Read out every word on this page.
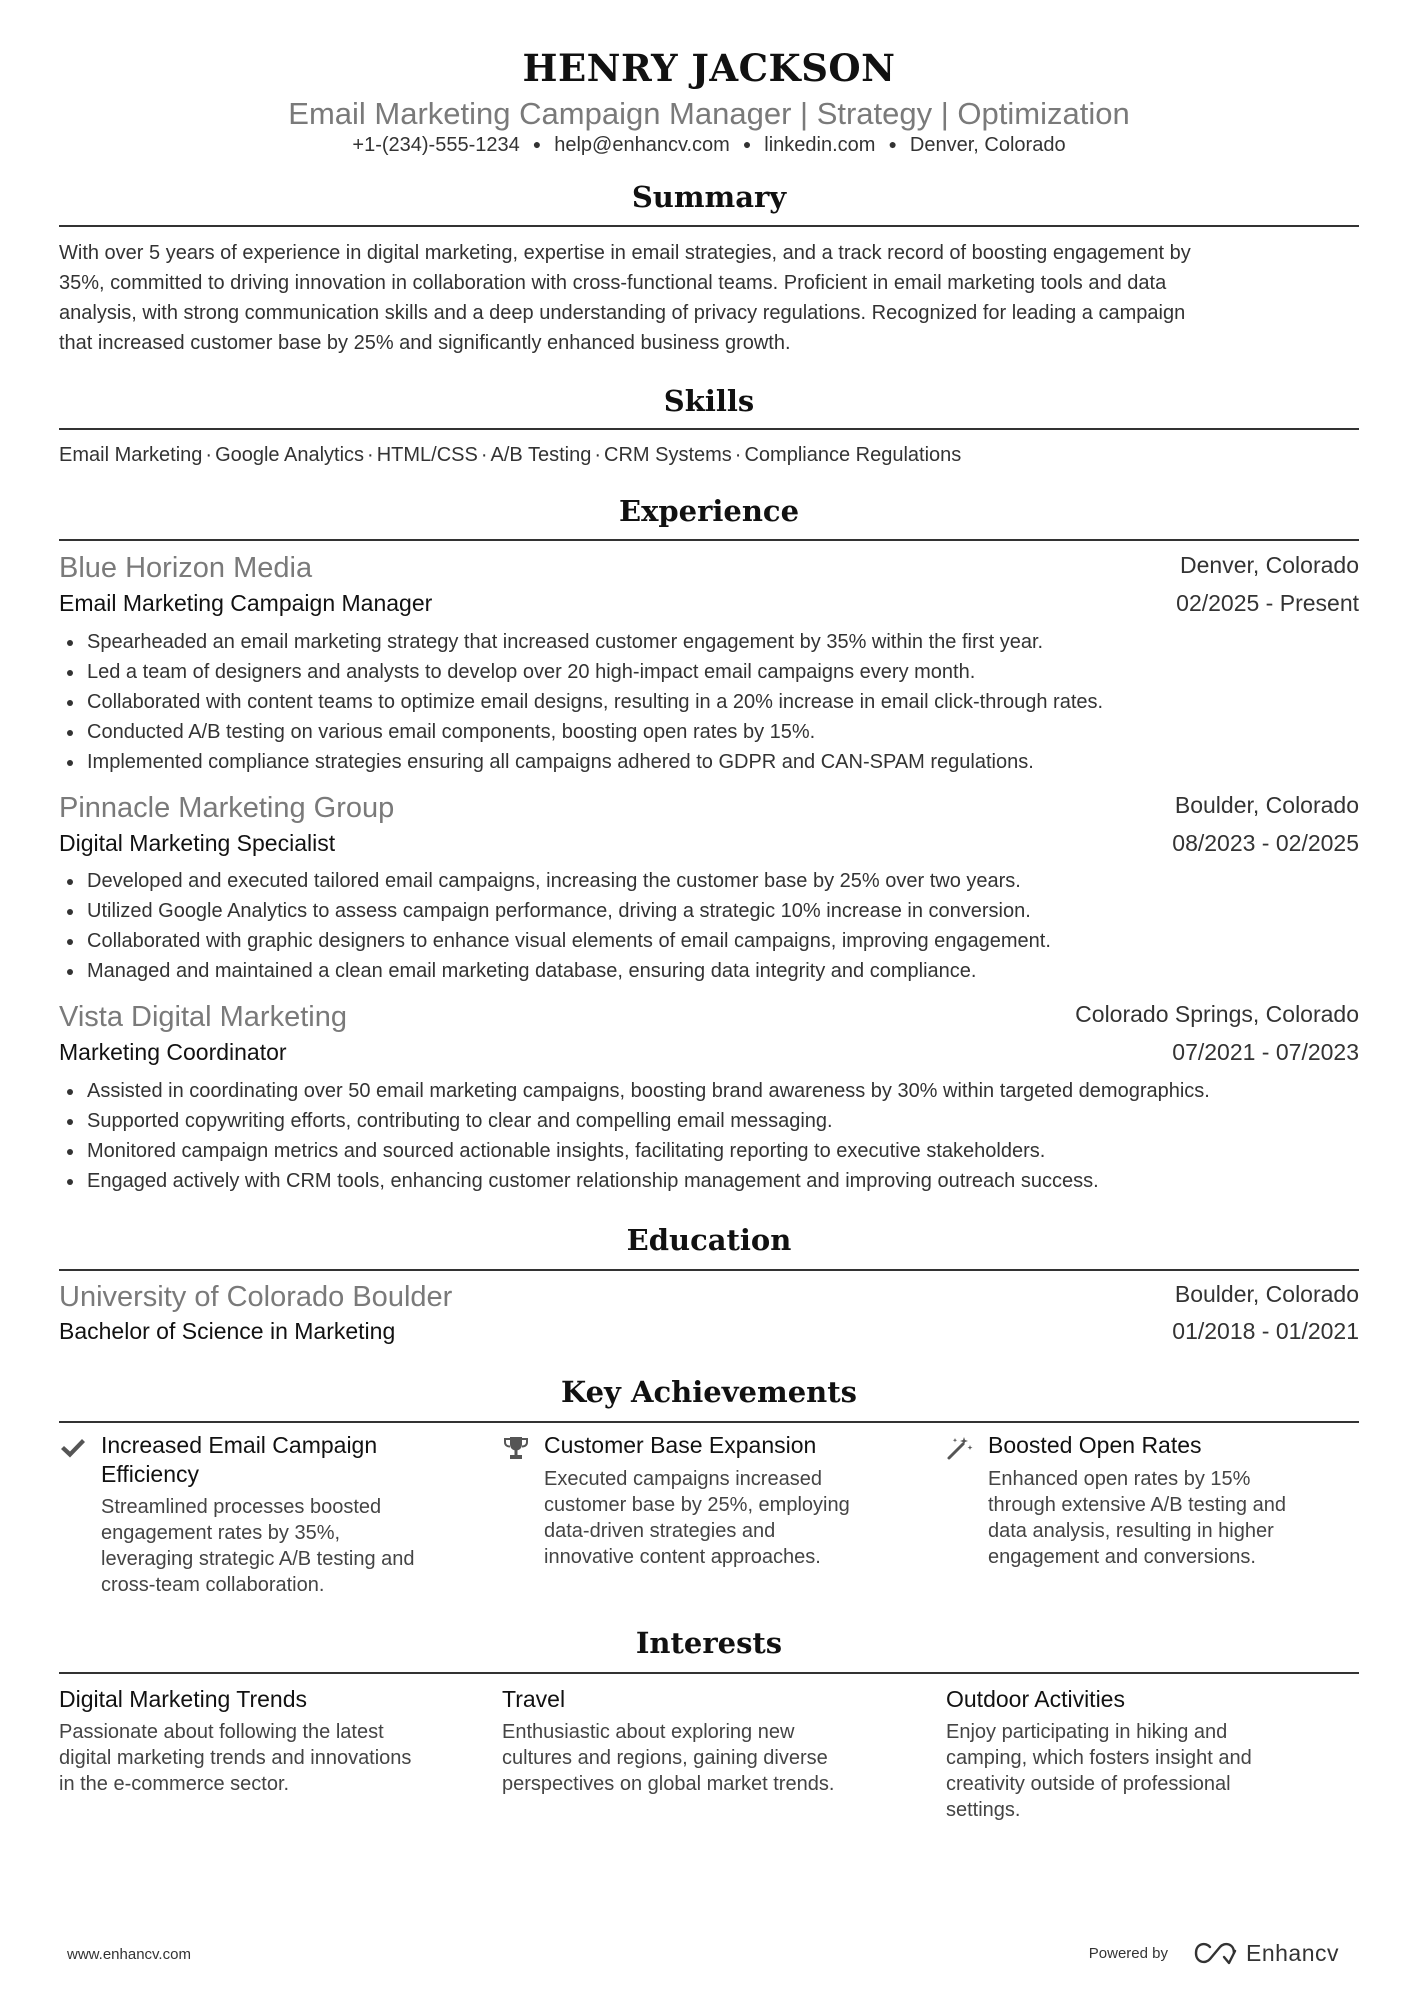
HENRY JACKSON
Email Marketing Campaign Manager | Strategy | Optimization
+1-(234)-555-1234 ● help@enhancv.com ● linkedin.com ● Denver, Colorado
Summary
With over 5 years of experience in digital marketing, expertise in email strategies, and a track record of boosting engagement by
35%, committed to driving innovation in collaboration with cross-functional teams. Proficient in email marketing tools and data
analysis, with strong communication skills and a deep understanding of privacy regulations. Recognized for leading a campaign
that increased customer base by 25% and significantly enhanced business growth.
Skills
Email Marketing · Google Analytics · HTML/CSS · A/B Testing · CRM Systems · Compliance Regulations
Experience
Blue Horizon Media	Denver, Colorado
Email Marketing Campaign Manager	02/2025 - Present
Spearheaded an email marketing strategy that increased customer engagement by 35% within the first year.
Led a team of designers and analysts to develop over 20 high-impact email campaigns every month.
Collaborated with content teams to optimize email designs, resulting in a 20% increase in email click-through rates.
Conducted A/B testing on various email components, boosting open rates by 15%.
Implemented compliance strategies ensuring all campaigns adhered to GDPR and CAN-SPAM regulations.
Pinnacle Marketing Group	Boulder, Colorado
Digital Marketing Specialist	08/2023 - 02/2025
Developed and executed tailored email campaigns, increasing the customer base by 25% over two years.
Utilized Google Analytics to assess campaign performance, driving a strategic 10% increase in conversion.
Collaborated with graphic designers to enhance visual elements of email campaigns, improving engagement.
Managed and maintained a clean email marketing database, ensuring data integrity and compliance.
Vista Digital Marketing	Colorado Springs, Colorado
Marketing Coordinator	07/2021 - 07/2023
Assisted in coordinating over 50 email marketing campaigns, boosting brand awareness by 30% within targeted demographics.
Supported copywriting efforts, contributing to clear and compelling email messaging.
Monitored campaign metrics and sourced actionable insights, facilitating reporting to executive stakeholders.
Engaged actively with CRM tools, enhancing customer relationship management and improving outreach success.
Education
University of Colorado Boulder	Boulder, Colorado
Bachelor of Science in Marketing	01/2018 - 01/2021
Key Achievements
Increased Email Campaign
Efficiency
Streamlined processes boosted
engagement rates by 35%,
leveraging strategic A/B testing and
cross-team collaboration.
Customer Base Expansion
Executed campaigns increased
customer base by 25%, employing
data-driven strategies and
innovative content approaches.
Boosted Open Rates
Enhanced open rates by 15%
through extensive A/B testing and
data analysis, resulting in higher
engagement and conversions.
Interests
Digital Marketing Trends
Passionate about following the latest
digital marketing trends and innovations
in the e-commerce sector.
Travel
Enthusiastic about exploring new
cultures and regions, gaining diverse
perspectives on global market trends.
Outdoor Activities
Enjoy participating in hiking and
camping, which fosters insight and
creativity outside of professional
settings.
www.enhancv.com	Powered by	Enhancv
